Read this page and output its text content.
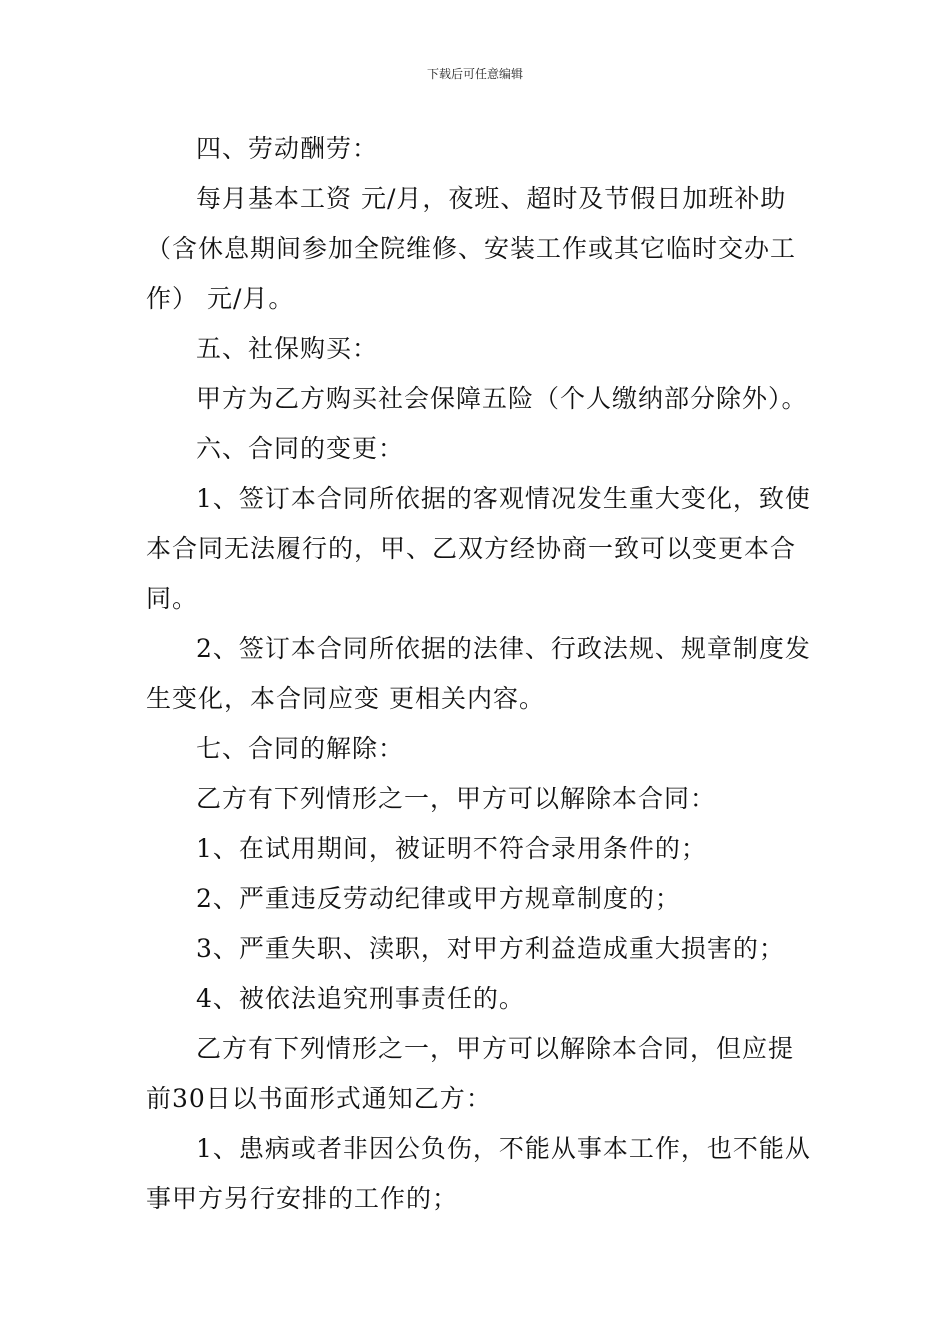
下载后可任意编辑

四、劳动酬劳：

每月基本工资 元/月，夜班、超时及节假日加班补助

（含休息期间参加全院维修、安装工作或其它临时交办工

作） 元/月。

五、社保购买：

甲方为乙方购买社会保障五险（个人缴纳部分除外）。

六、合同的变更：

1、签订本合同所依据的客观情况发生重大变化，致使

本合同无法履行的，甲、乙双方经协商一致可以变更本合

同。

2、签订本合同所依据的法律、行政法规、规章制度发

生变化，本合同应变 更相关内容。

七、合同的解除：

乙方有下列情形之一，甲方可以解除本合同：

1、在试用期间，被证明不符合录用条件的；

2、严重违反劳动纪律或甲方规章制度的；

3、严重失职、渎职，对甲方利益造成重大损害的；

4、被依法追究刑事责任的。

乙方有下列情形之一，甲方可以解除本合同，但应提

前30日以书面形式通知乙方：

1、患病或者非因公负伤，不能从事本工作，也不能从

事甲方另行安排的工作的；
